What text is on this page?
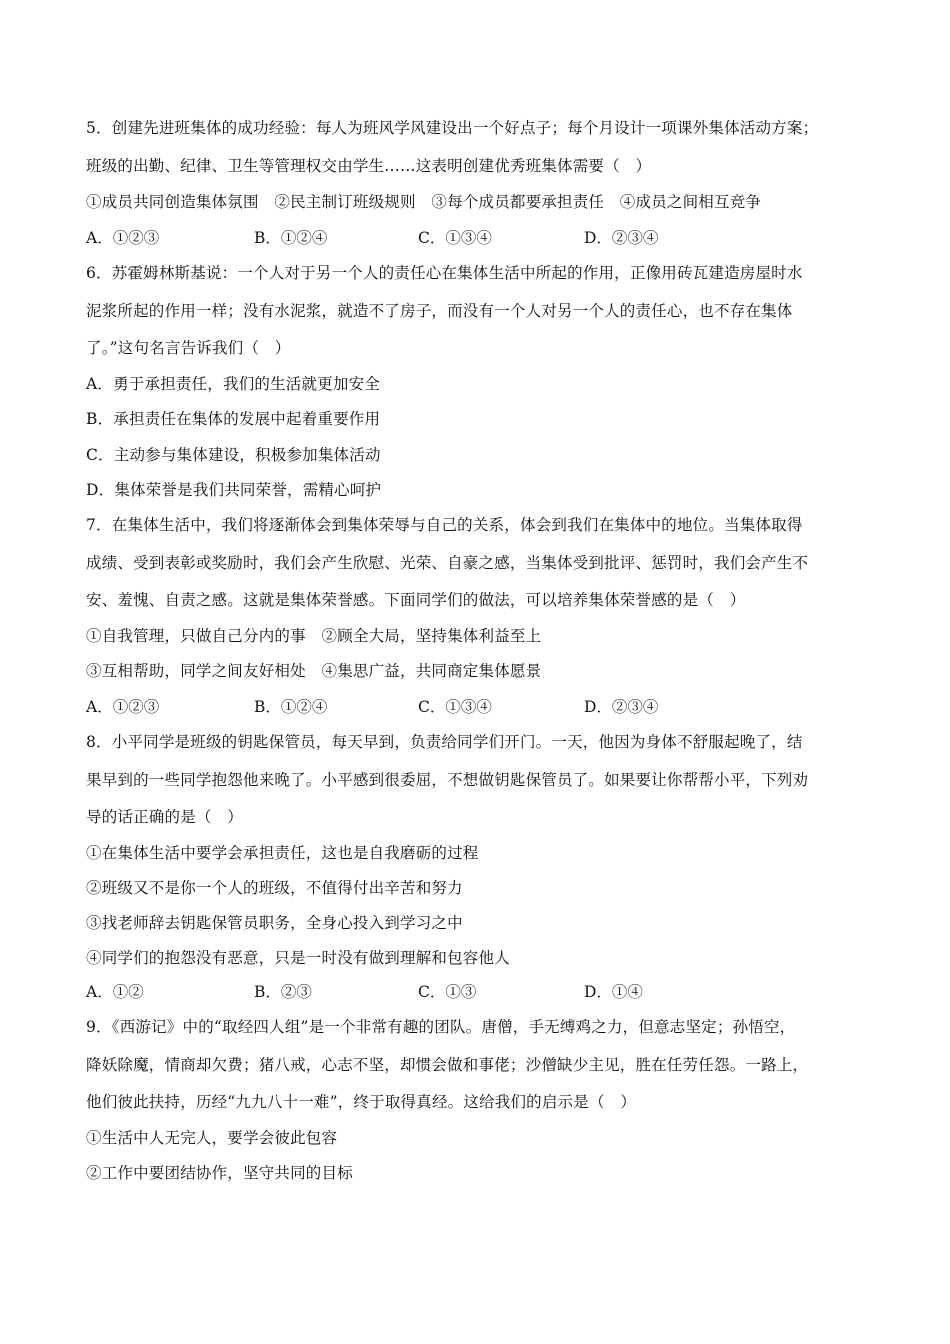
5．创建先进班集体的成功经验：每人为班风学风建设出一个好点子；每个月设计一项课外集体活动方案；
班级的出勤、纪律、卫生等管理权交由学生……这表明创建优秀班集体需要（　）
①成员共同创造集体氛围　②民主制订班级规则　③每个成员都要承担责任　④成员之间相互竞争
A．①②③	B．①②④	C．①③④	D．②③④
6．苏霍姆林斯基说：一个人对于另一个人的责任心在集体生活中所起的作用，正像用砖瓦建造房屋时水
泥浆所起的作用一样；没有水泥浆，就造不了房子，而没有一个人对另一个人的责任心，也不存在集体
了。”这句名言告诉我们（　）
A．勇于承担责任，我们的生活就更加安全
B．承担责任在集体的发展中起着重要作用
C．主动参与集体建设，积极参加集体活动
D．集体荣誉是我们共同荣誉，需精心呵护
7．在集体生活中，我们将逐渐体会到集体荣辱与自己的关系，体会到我们在集体中的地位。当集体取得
成绩、受到表彰或奖励时，我们会产生欣慰、光荣、自豪之感，当集体受到批评、惩罚时，我们会产生不
安、羞愧、自责之感。这就是集体荣誉感。下面同学们的做法，可以培养集体荣誉感的是（　）
①自我管理，只做自己分内的事　②顾全大局，坚持集体利益至上
③互相帮助，同学之间友好相处　④集思广益，共同商定集体愿景
A．①②③	B．①②④	C．①③④	D．②③④
8．小平同学是班级的钥匙保管员，每天早到，负责给同学们开门。一天，他因为身体不舒服起晚了，结
果早到的一些同学抱怨他来晚了。小平感到很委屈，不想做钥匙保管员了。如果要让你帮帮小平，下列劝
导的话正确的是（　）
①在集体生活中要学会承担责任，这也是自我磨砺的过程
②班级又不是你一个人的班级，不值得付出辛苦和努力
③找老师辞去钥匙保管员职务，全身心投入到学习之中
④同学们的抱怨没有恶意，只是一时没有做到理解和包容他人
A．①②	B．②③	C．①③	D．①④
9．《西游记》中的“取经四人组”是一个非常有趣的团队。唐僧，手无缚鸡之力，但意志坚定；孙悟空，
降妖除魔，情商却欠费；猪八戒，心志不坚，却惯会做和事佬；沙僧缺少主见，胜在任劳任怨。一路上，
他们彼此扶持，历经“九九八十一难”，终于取得真经。这给我们的启示是（　）
①生活中人无完人，要学会彼此包容
②工作中要团结协作，坚守共同的目标
